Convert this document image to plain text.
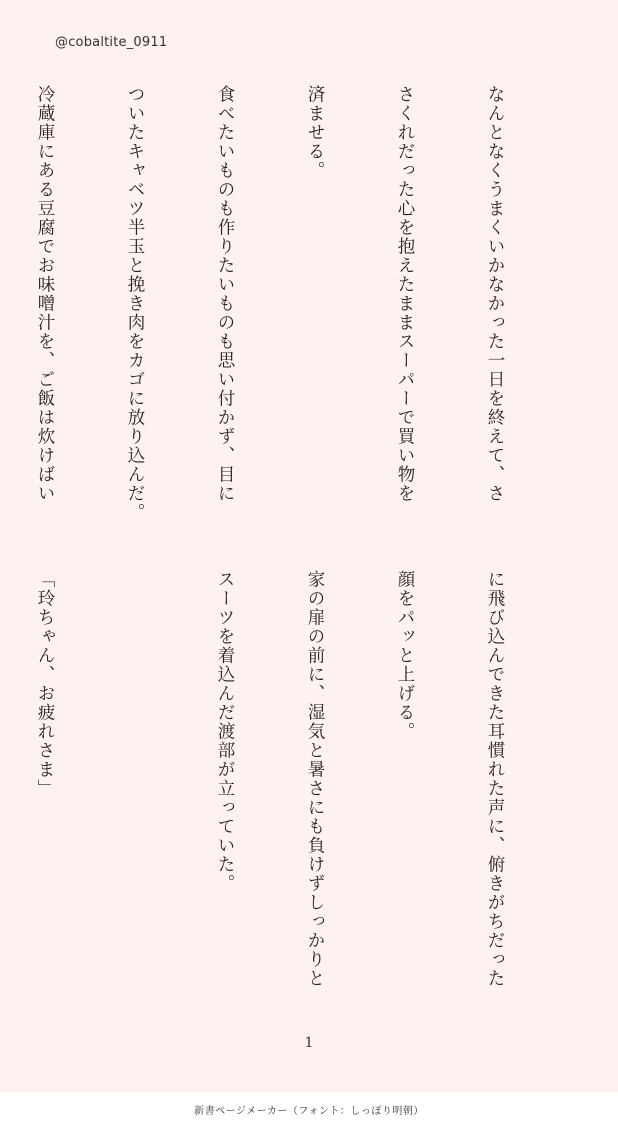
@cobaltite_0911

なんとなくうまくいかなかった一日を終えて、さ

さくれだった心を抱えたままスーパーで買い物を

済ませる。

食べたいものも作りたいものも思い付かず、目に

ついたキャベツ半玉と挽き肉をカゴに放り込んだ。

冷蔵庫にある豆腐でお味噌汁を、ご飯は炊けばい

に飛び込んできた耳慣れた声に、俯きがちだった

顔をパッと上げる。

家の扉の前に、湿気と暑さにも負けずしっかりと

スーツを着込んだ渡部が立っていた。

「玲ちゃん、お疲れさま」

1
新書ページメーカー（フォント：しっぽり明朝）
